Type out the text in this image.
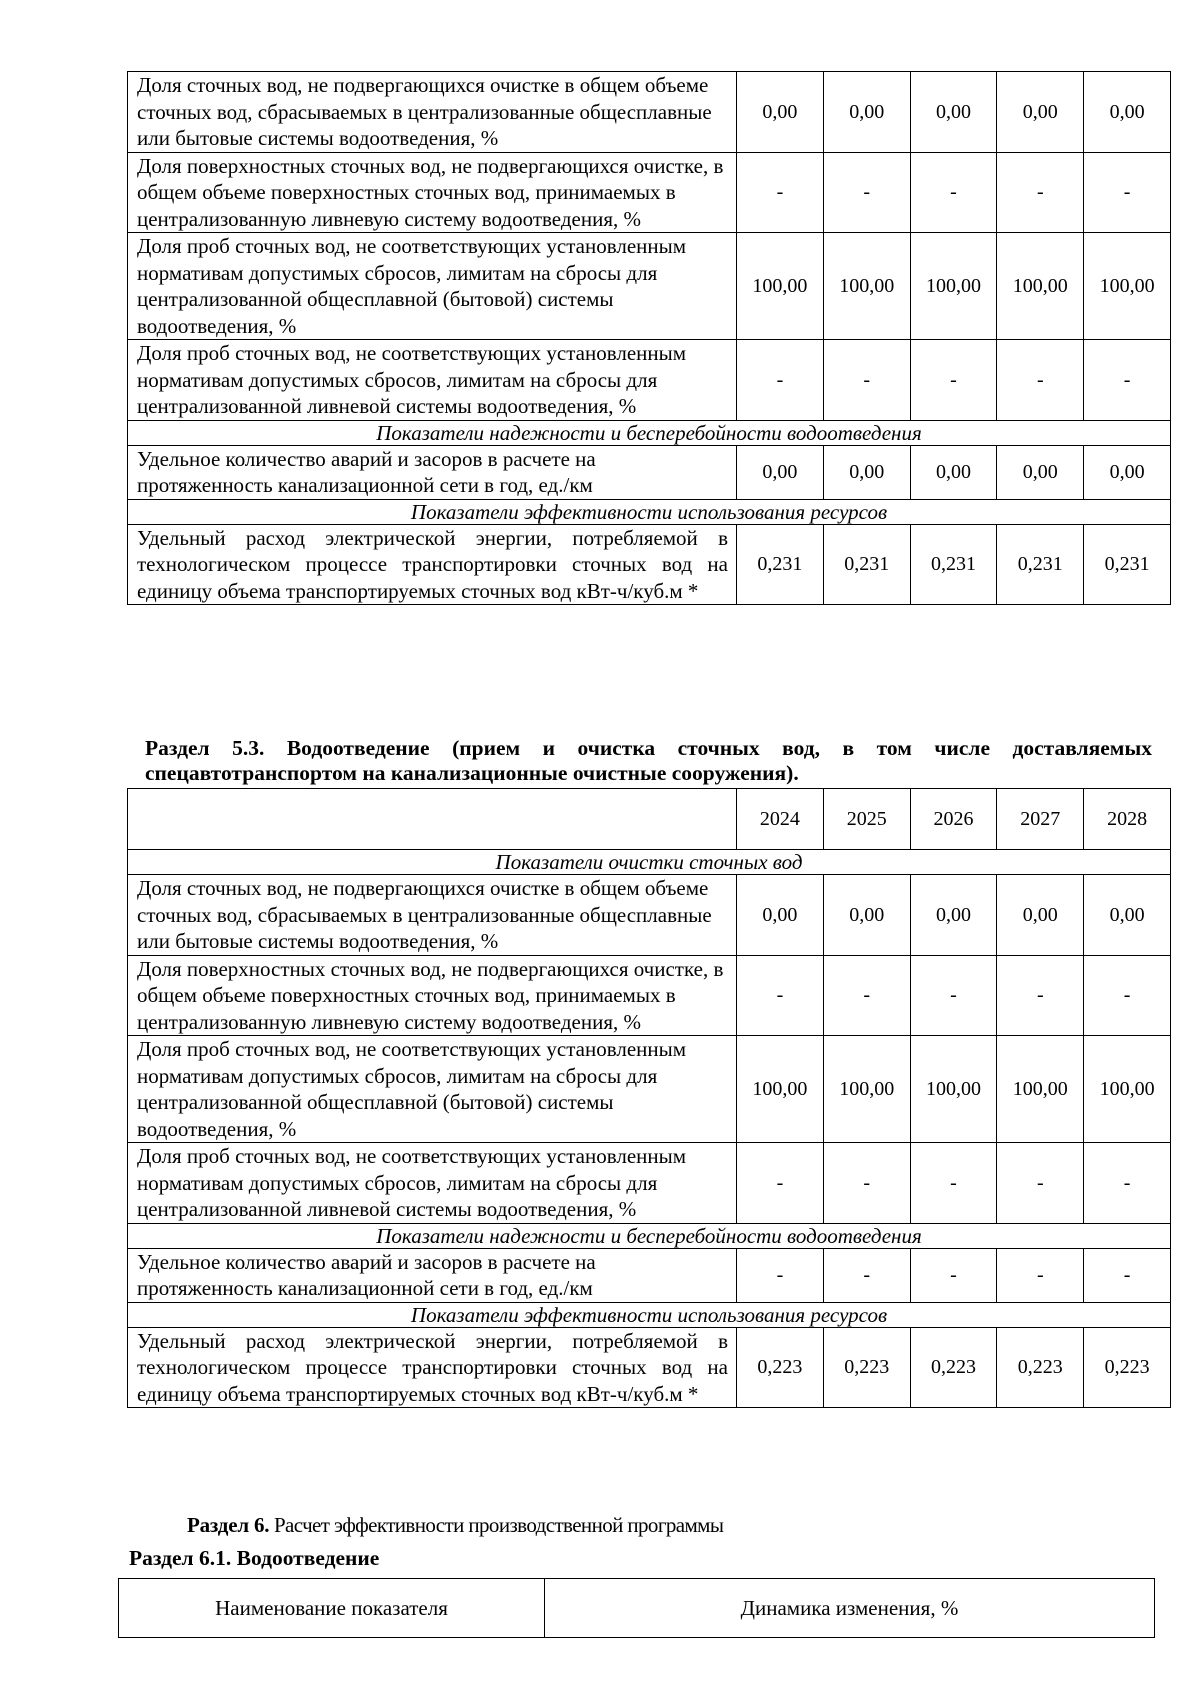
Доля сточных вод, не подвергающихся очистке в общем объеме сточных вод, сбрасываемых в централизованные общесплавные или бытовые системы водоотведения, %	0,00	0,00	0,00	0,00	0,00
Доля поверхностных сточных вод, не подвергающихся очистке, в общем объеме поверхностных сточных вод, принимаемых в централизованную ливневую систему водоотведения, %	-	-	-	-	-
Доля проб сточных вод, не соответствующих установленным нормативам допустимых сбросов, лимитам на сбросы для централизованной общесплавной (бытовой) системы водоотведения, %	100,00	100,00	100,00	100,00	100,00
Доля проб сточных вод, не соответствующих установленным нормативам допустимых сбросов, лимитам на сбросы для централизованной ливневой системы водоотведения, %	-	-	-	-	-
Показатели надежности и бесперебойности водоотведения					
Удельное количество аварий и засоров в расчете на протяженность канализационной сети в год, ед./км	0,00	0,00	0,00	0,00	0,00
Показатели эффективности использования ресурсов					
Удельный расход электрической энергии, потребляемой в технологическом процессе транспортировки сточных вод на единицу объема транспортируемых сточных вод кВт-ч/куб.м *	0,231	0,231	0,231	0,231	0,231
Раздел 5.3. Водоотведение (прием и очистка сточных вод, в том числе доставляемых
спецавтотранспортом на канализационные очистные сооружения).
	2024	2025	2026	2027	2028
Показатели очистки сточных вод					
Доля сточных вод, не подвергающихся очистке в общем объеме сточных вод, сбрасываемых в централизованные общесплавные или бытовые системы водоотведения, %	0,00	0,00	0,00	0,00	0,00
Доля поверхностных сточных вод, не подвергающихся очистке, в общем объеме поверхностных сточных вод, принимаемых в централизованную ливневую систему водоотведения, %	-	-	-	-	-
Доля проб сточных вод, не соответствующих установленным нормативам допустимых сбросов, лимитам на сбросы для централизованной общесплавной (бытовой) системы водоотведения, %	100,00	100,00	100,00	100,00	100,00
Доля проб сточных вод, не соответствующих установленным нормативам допустимых сбросов, лимитам на сбросы для централизованной ливневой системы водоотведения, %	-	-	-	-	-
Показатели надежности и бесперебойности водоотведения					
Удельное количество аварий и засоров в расчете на протяженность канализационной сети в год, ед./км	-	-	-	-	-
Показатели эффективности использования ресурсов					
Удельный расход электрической энергии, потребляемой в технологическом процессе транспортировки сточных вод на единицу объема транспортируемых сточных вод кВт-ч/куб.м *	0,223	0,223	0,223	0,223	0,223
Раздел 6. Расчет эффективности производственной программы
Раздел 6.1. Водоотведение
Наименование показателя	Динамика изменения, %
